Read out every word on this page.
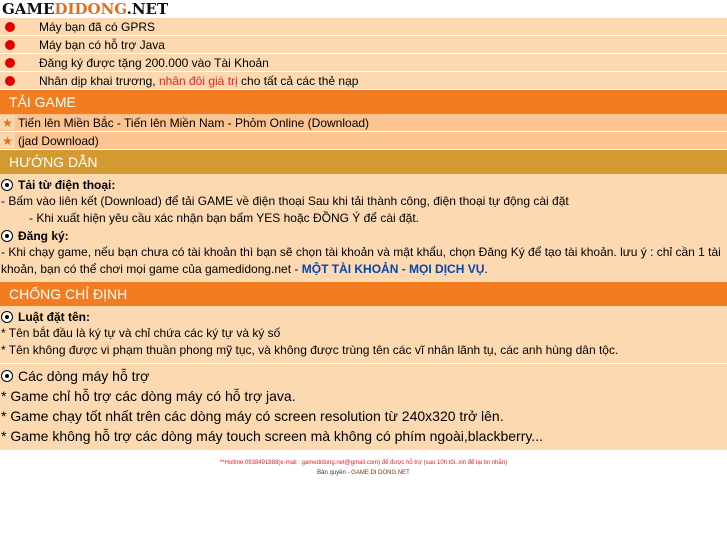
GAMEDIDONG.NET
Máy bạn đã có GPRS
Máy bạn có hỗ trợ Java
Đăng ký được tặng 200.000 vào Tài Khoản
Nhân dịp khai trương, nhân đôi giá trị cho tất cả các thẻ nạp
TẢI GAME
★ Tiến lên Miền Bắc - Tiến lên Miền Nam - Phỏm Online (Download)
★ (jad Download)
HƯỚNG DẪN
Tải từ điện thoại:
- Bấm vào liên kết (Download) để tải GAME về điện thoại Sau khi tải thành công, điện thoại tự động cài đặt
- Khi xuất hiện yêu cầu xác nhận bạn bấm YES hoặc ĐỒNG Ý để cài đặt.
Đăng ký:
- Khi chạy game, nếu bạn chưa có tài khoản thì bạn sẽ chọn tài khoản và mật khẩu, chọn Đăng Ký để tạo tài khoản. lưu ý : chỉ cần 1 tài khoản, bạn có thể chơi mọi game của gamedidong.net - MỘT TÀI KHOẢN - MỌI DỊCH VỤ.
CHỐNG CHỈ ĐỊNH
Luật đặt tên:
* Tên bắt đầu là ký tự và chỉ chứa các ký tự và ký số
* Tên không được vi phạm thuần phong mỹ tục, và không được trùng tên các vĩ nhân lãnh tụ, các anh hùng dân tộc.
Các dòng máy hỗ trợ
* Game chỉ hỗ trợ các dòng máy có hỗ trợ java.
* Game chạy tốt nhất trên các dòng máy có screen resolution từ 240x320 trở lên.
* Game không hỗ trợ các dòng máy touch screen mà không có phím ngoài,blackberry...
**Hotline:0938491888(e-mail : gamedidong.net@gmail.com) để được hỗ trợ (sau 10h tối..xin để lại tin nhắn)
Bản quyền - GAME DI DONG.NET
